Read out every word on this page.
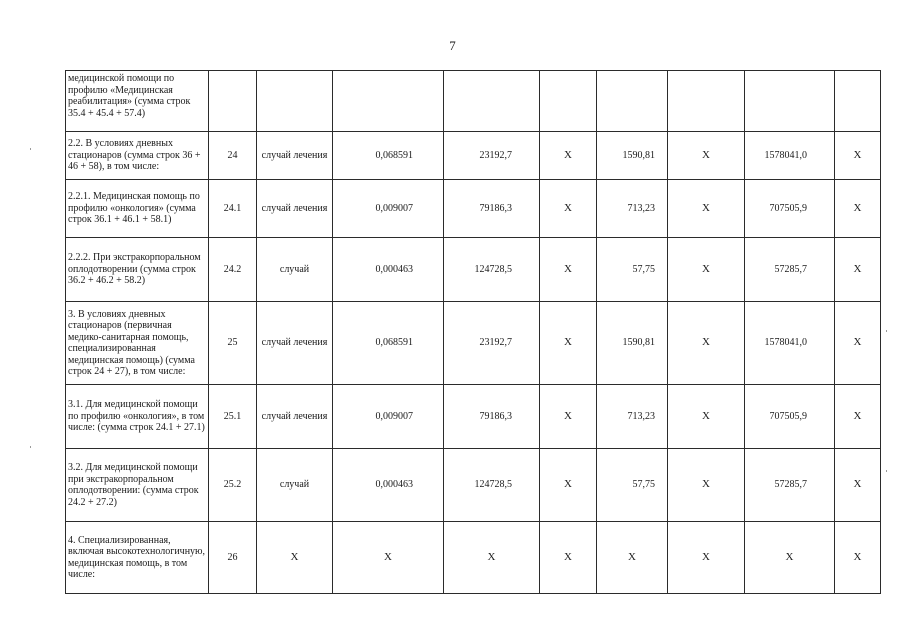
7
медицинской помощи по профилю «Медицинская реабилитация» (сумма строк 35.4 + 45.4 + 57.4)									
2.2. В условиях дневных стационаров (сумма строк 36 + 46 + 58), в том числе:	24	случай лечения	0,068591	23192,7	Х	1590,81	Х	1578041,0	Х
2.2.1. Медицинская помощь по профилю «онкология» (сумма строк 36.1 + 46.1 + 58.1)	24.1	случай лечения	0,009007	79186,3	Х	713,23	Х	707505,9	Х
2.2.2. При экстракорпоральном оплодотворении (сумма строк 36.2 + 46.2 + 58.2)	24.2	случай	0,000463	124728,5	Х	57,75	Х	57285,7	Х
3. В условиях дневных стационаров (первичная медико-санитарная помощь, специализированная медицинская помощь) (сумма строк 24 + 27), в том числе:	25	случай лечения	0,068591	23192,7	Х	1590,81	Х	1578041,0	Х
3.1. Для медицинской помощи по профилю «онкология», в том числе: (сумма строк 24.1 + 27.1)	25.1	случай лечения	0,009007	79186,3	Х	713,23	Х	707505,9	Х
3.2. Для медицинской помощи при экстракорпоральном оплодотворении: (сумма строк 24.2 + 27.2)	25.2	случай	0,000463	124728,5	Х	57,75	Х	57285,7	Х
4. Специализированная, включая высокотехнологичную, медицинская помощь, в том числе:	26	Х	Х	Х	Х	Х	Х	Х	Х
